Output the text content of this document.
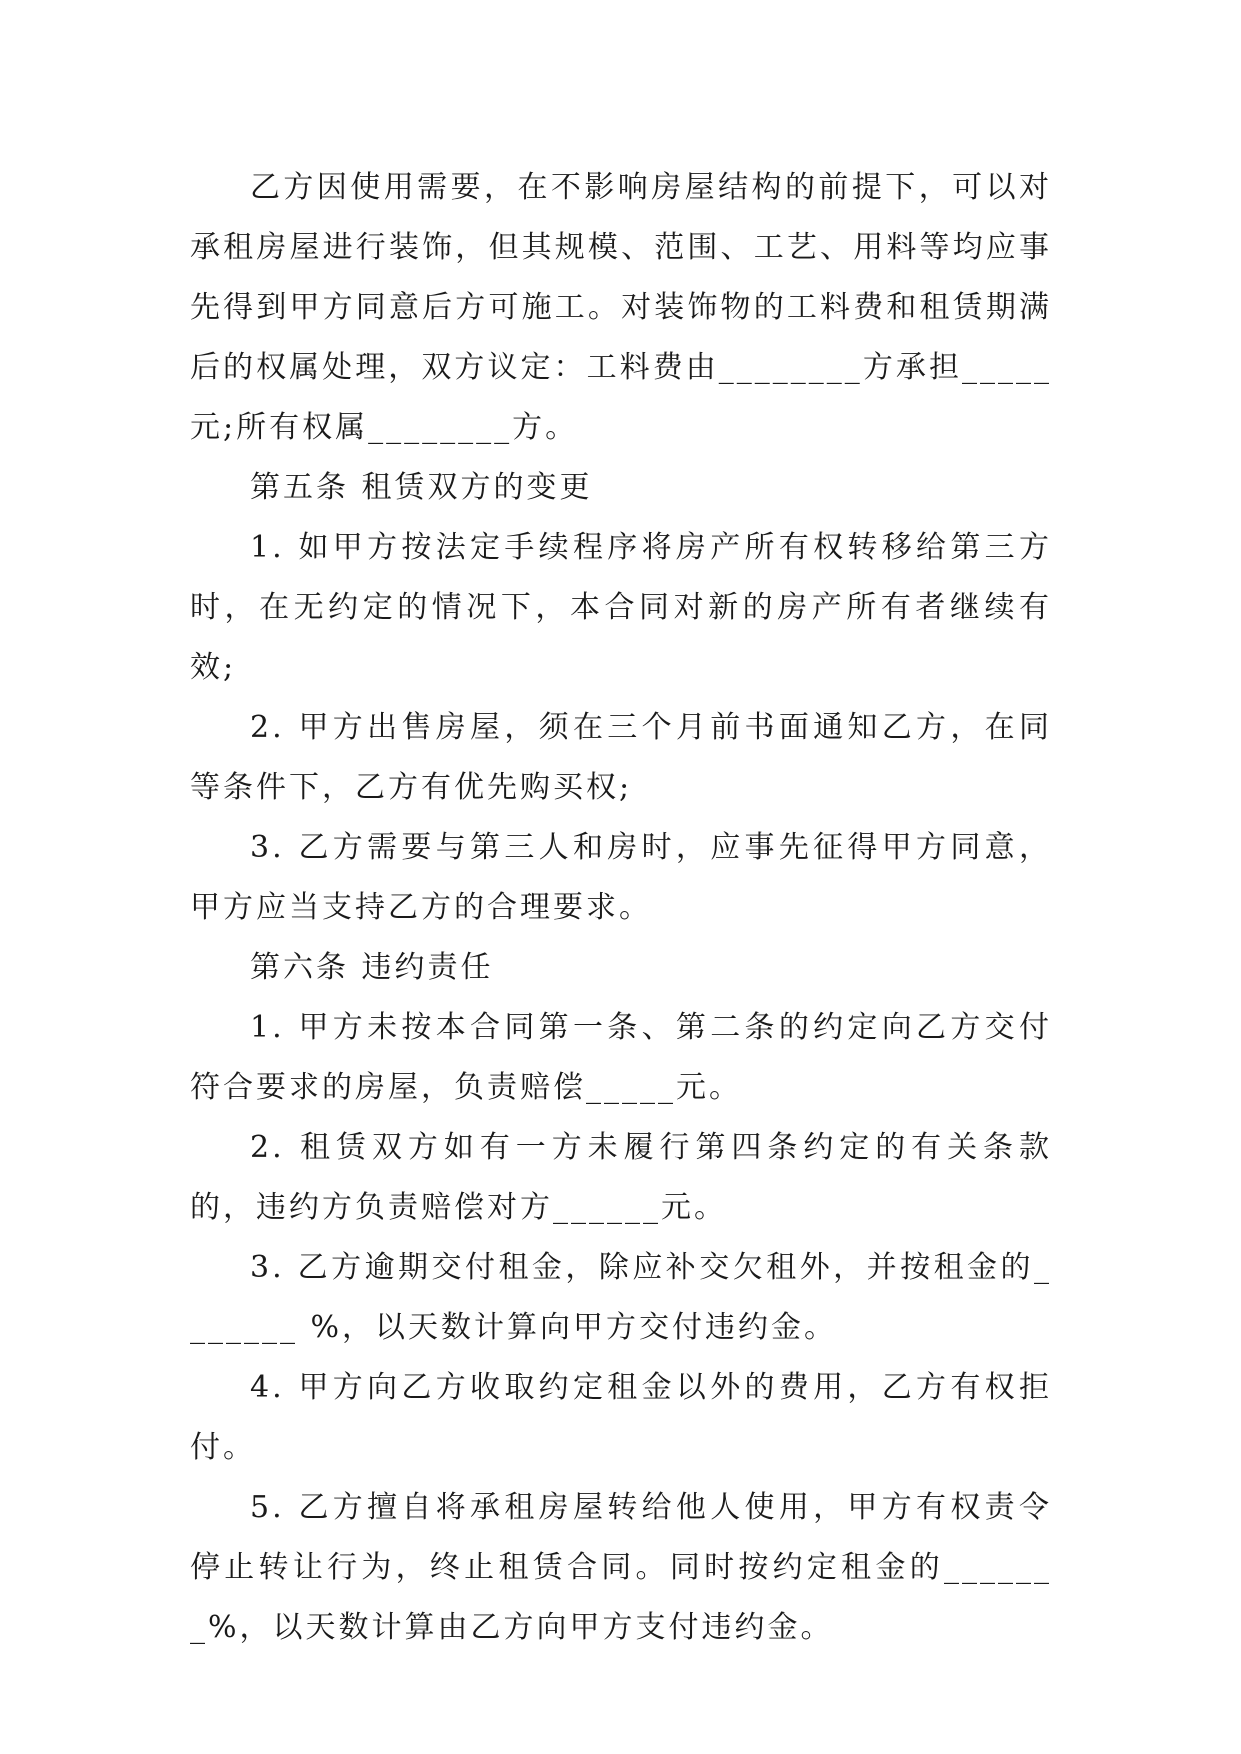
乙方因使用需要，在不影响房屋结构的前提下，可以对承租房屋进行装饰，但其规模、范围、工艺、用料等均应事先得到甲方同意后方可施工。对装饰物的工料费和租赁期满后的权属处理，双方议定：工料费由________方承担_____元;所有权属________方。

第五条 租赁双方的变更

1. 如甲方按法定手续程序将房产所有权转移给第三方时，在无约定的情况下，本合同对新的房产所有者继续有效;

2. 甲方出售房屋，须在三个月前书面通知乙方，在同等条件下，乙方有优先购买权;

3. 乙方需要与第三人和房时，应事先征得甲方同意，甲方应当支持乙方的合理要求。

第六条 违约责任

1. 甲方未按本合同第一条、第二条的约定向乙方交付符合要求的房屋，负责赔偿_____元。

2. 租赁双方如有一方未履行第四条约定的有关条款的，违约方负责赔偿对方______元。

3. 乙方逾期交付租金，除应补交欠租外，并按租金的_______ %，以天数计算向甲方交付违约金。

4. 甲方向乙方收取约定租金以外的费用，乙方有权拒付。

5. 乙方擅自将承租房屋转给他人使用，甲方有权责令停止转让行为，终止租赁合同。同时按约定租金的_______%，以天数计算由乙方向甲方支付违约金。
